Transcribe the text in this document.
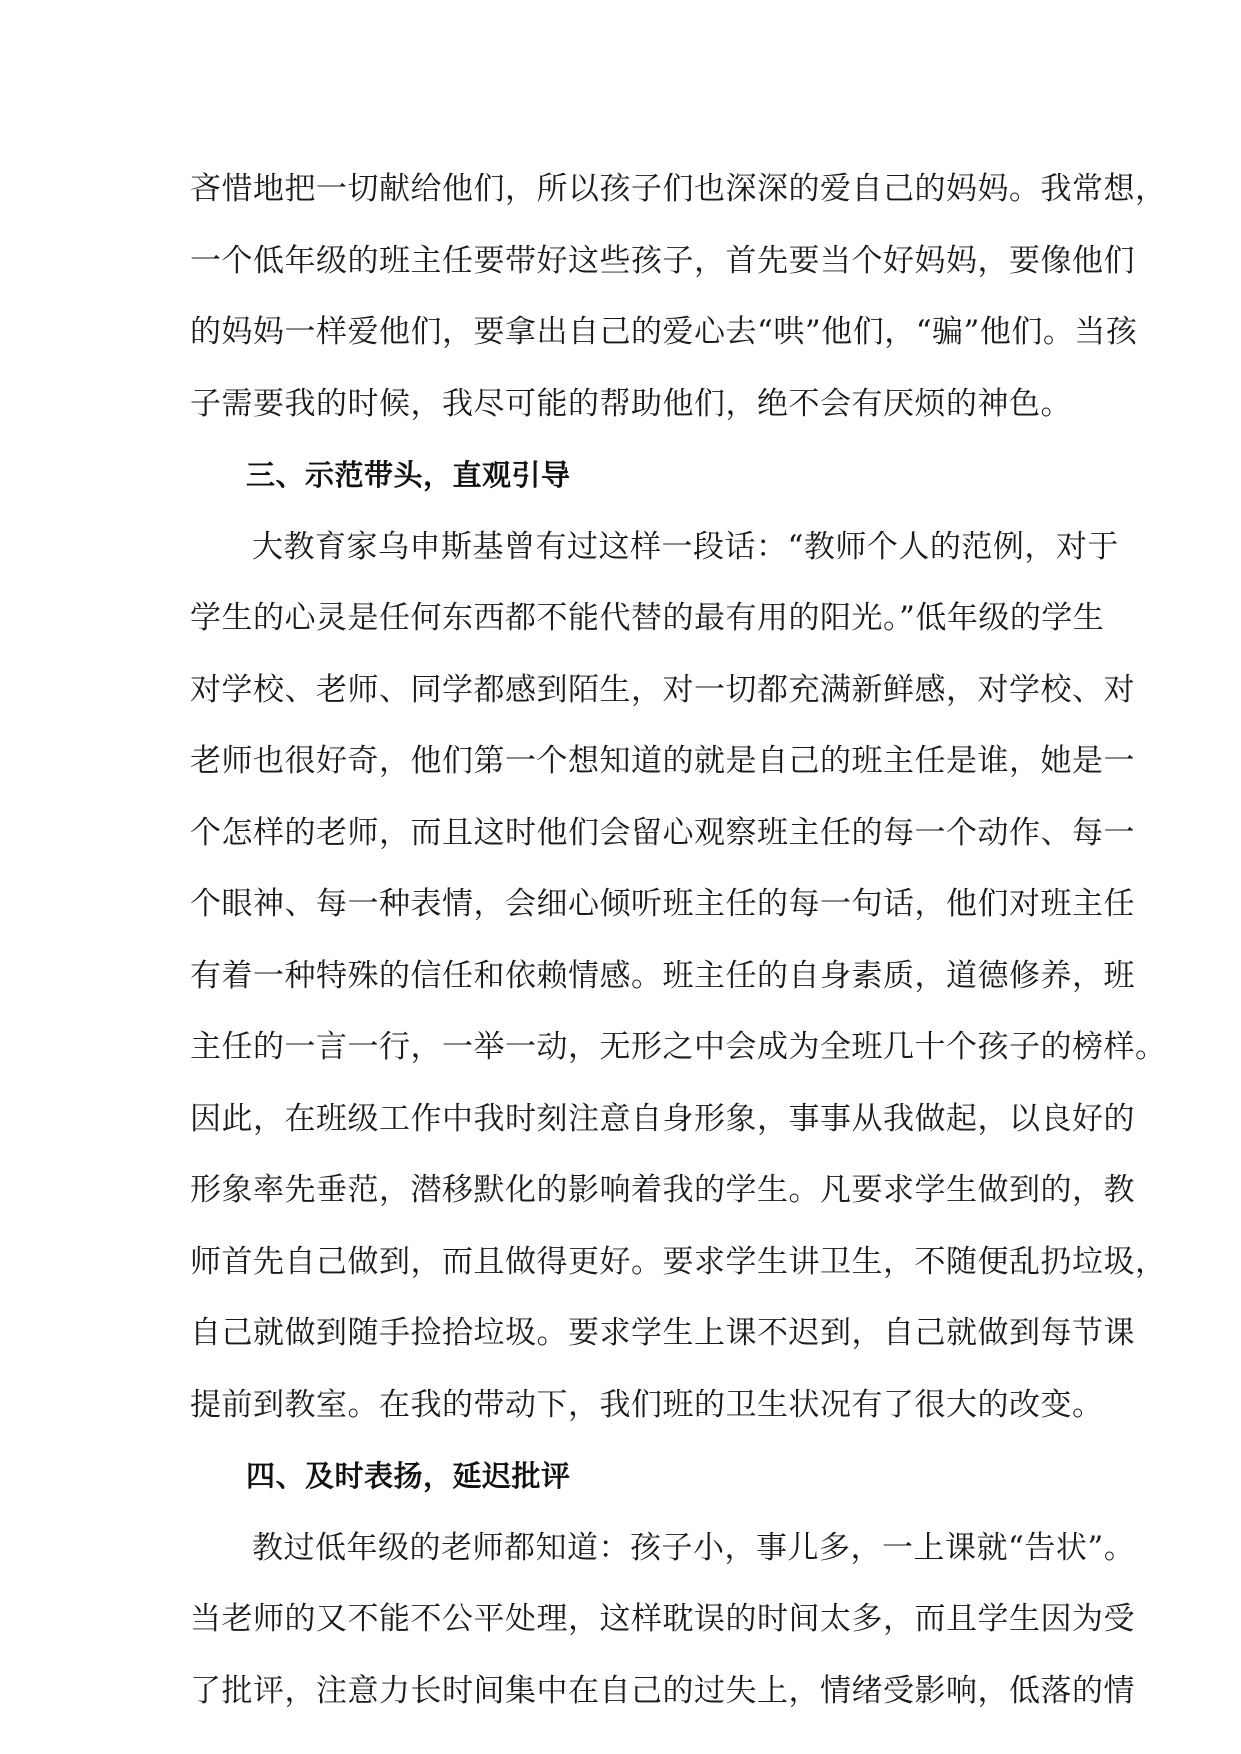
吝惜地把一切献给他们，所以孩子们也深深的爱自己的妈妈。我常想，
一个低年级的班主任要带好这些孩子，首先要当个好妈妈，要像他们
的妈妈一样爱他们，要拿出自己的爱心去“哄”他们，“骗”他们。当孩
子需要我的时候，我尽可能的帮助他们，绝不会有厌烦的神色。
三、示范带头，直观引导
大教育家乌申斯基曾有过这样一段话：“教师个人的范例，对于
学生的心灵是任何东西都不能代替的最有用的阳光。”低年级的学生
对学校、老师、同学都感到陌生，对一切都充满新鲜感，对学校、对
老师也很好奇，他们第一个想知道的就是自己的班主任是谁，她是一
个怎样的老师，而且这时他们会留心观察班主任的每一个动作、每一
个眼神、每一种表情，会细心倾听班主任的每一句话，他们对班主任
有着一种特殊的信任和依赖情感。班主任的自身素质，道德修养，班
主任的一言一行，一举一动，无形之中会成为全班几十个孩子的榜样。
因此，在班级工作中我时刻注意自身形象，事事从我做起，以良好的
形象率先垂范，潜移默化的影响着我的学生。凡要求学生做到的，教
师首先自己做到，而且做得更好。要求学生讲卫生，不随便乱扔垃圾，
自己就做到随手捡拾垃圾。要求学生上课不迟到，自己就做到每节课
提前到教室。在我的带动下，我们班的卫生状况有了很大的改变。
四、及时表扬，延迟批评
教过低年级的老师都知道：孩子小，事儿多，一上课就“告状”。
当老师的又不能不公平处理，这样耽误的时间太多，而且学生因为受
了批评，注意力长时间集中在自己的过失上，情绪受影响，低落的情
